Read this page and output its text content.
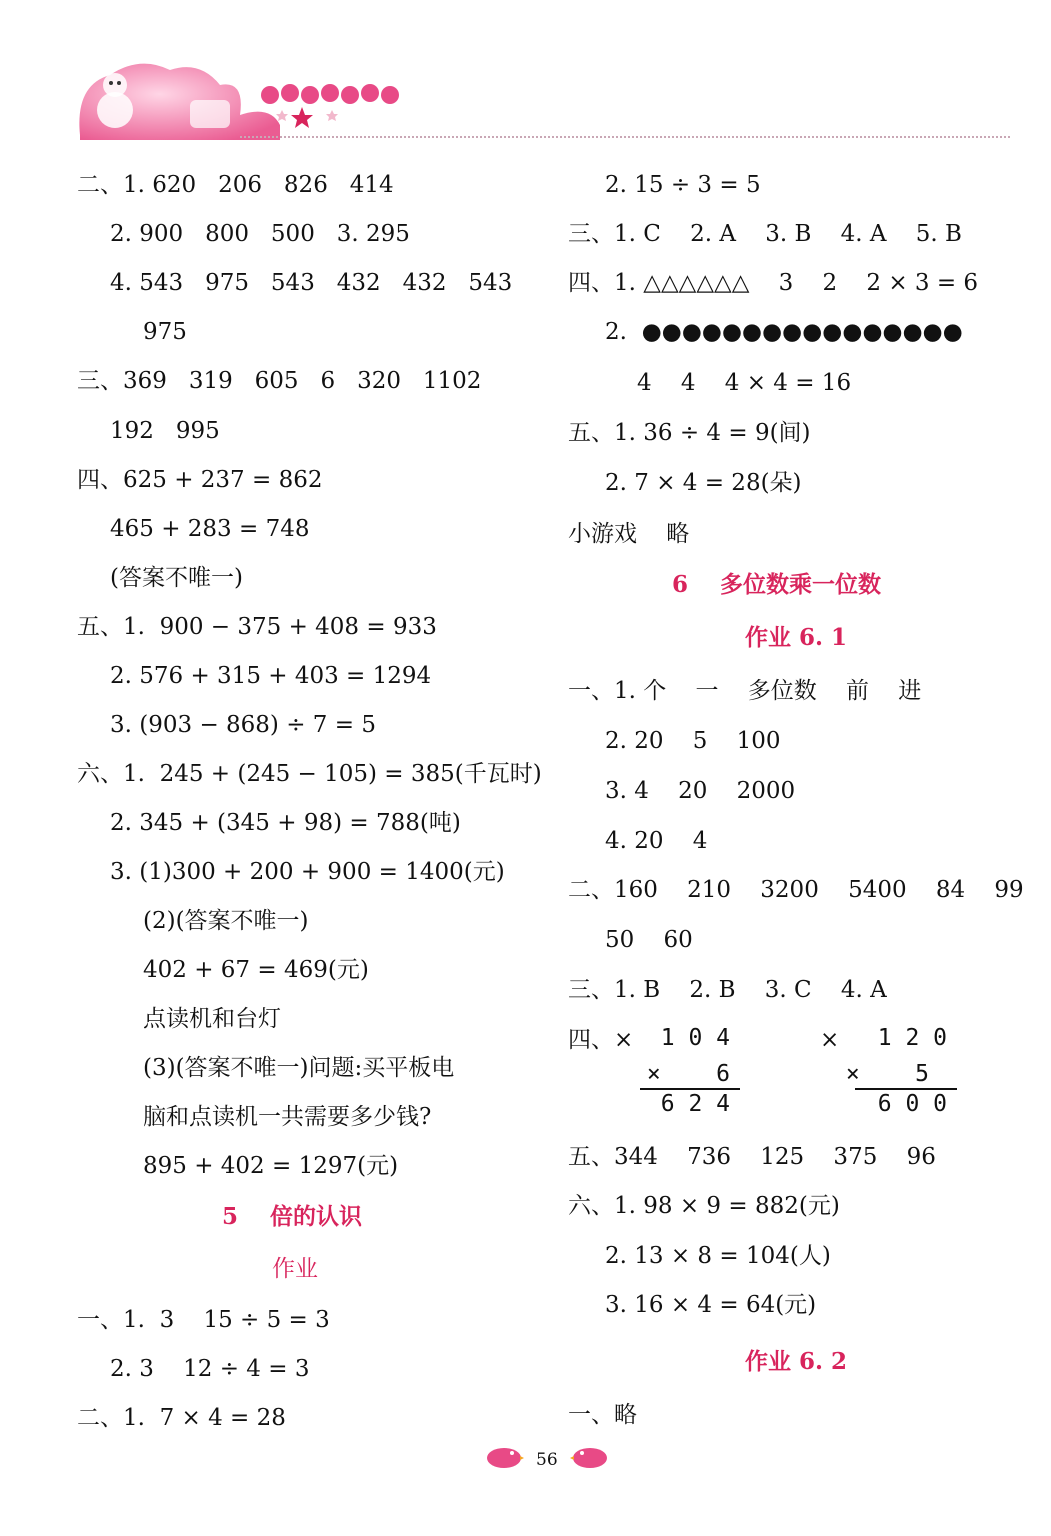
二、1. 620   206   826   414
2. 900   800   500   3. 295
4. 543   975   543   432   432   543
975
三、369   319   605   6   320   1102
192   995
四、625 + 237 = 862
465 + 283 = 748
(答案不唯一)
五、1.  900 − 375 + 408 = 933
2. 576 + 315 + 403 = 1294
3. (903 − 868) ÷ 7 = 5
六、1.  245 + (245 − 105) = 385(千瓦时)
2. 345 + (345 + 98) = 788(吨)
3. (1)300 + 200 + 900 = 1400(元)
(2)(答案不唯一)
402 + 67 = 469(元)
点读机和台灯
(3)(答案不唯一)问题:买平板电
脑和点读机一共需要多少钱?
895 + 402 = 1297(元)
5    倍的认识
作业
一、1.  3    15 ÷ 5 = 3
2. 3    12 ÷ 4 = 3
二、1.  7 × 4 = 28
2. 15 ÷ 3 = 5
三、1. C    2. A    3. B    4. A    5. B
四、1. △△△△△△    3    2    2 × 3 = 6
2.  ●●●●●●●●●●●●●●●●
4    4    4 × 4 = 16
五、1. 36 ÷ 4 = 9(间)
2. 7 × 4 = 28(朵)
小游戏    略
6    多位数乘一位数
作业 6. 1
一、1. 个    一    多位数    前    进
2. 20    5    100
3. 4    20    2000
4. 20    4
二、160    210    3200    5400    84    99
50    60
三、1. B    2. B    3. C    4. A
四、×	×
1 0 4
×    6
6 2 4
1 2 0
×    5
6 0 0
五、344    736    125    375    96
六、1. 98 × 9 = 882(元)
2. 13 × 8 = 104(人)
3. 16 × 4 = 64(元)
作业 6. 2
一、略
56
